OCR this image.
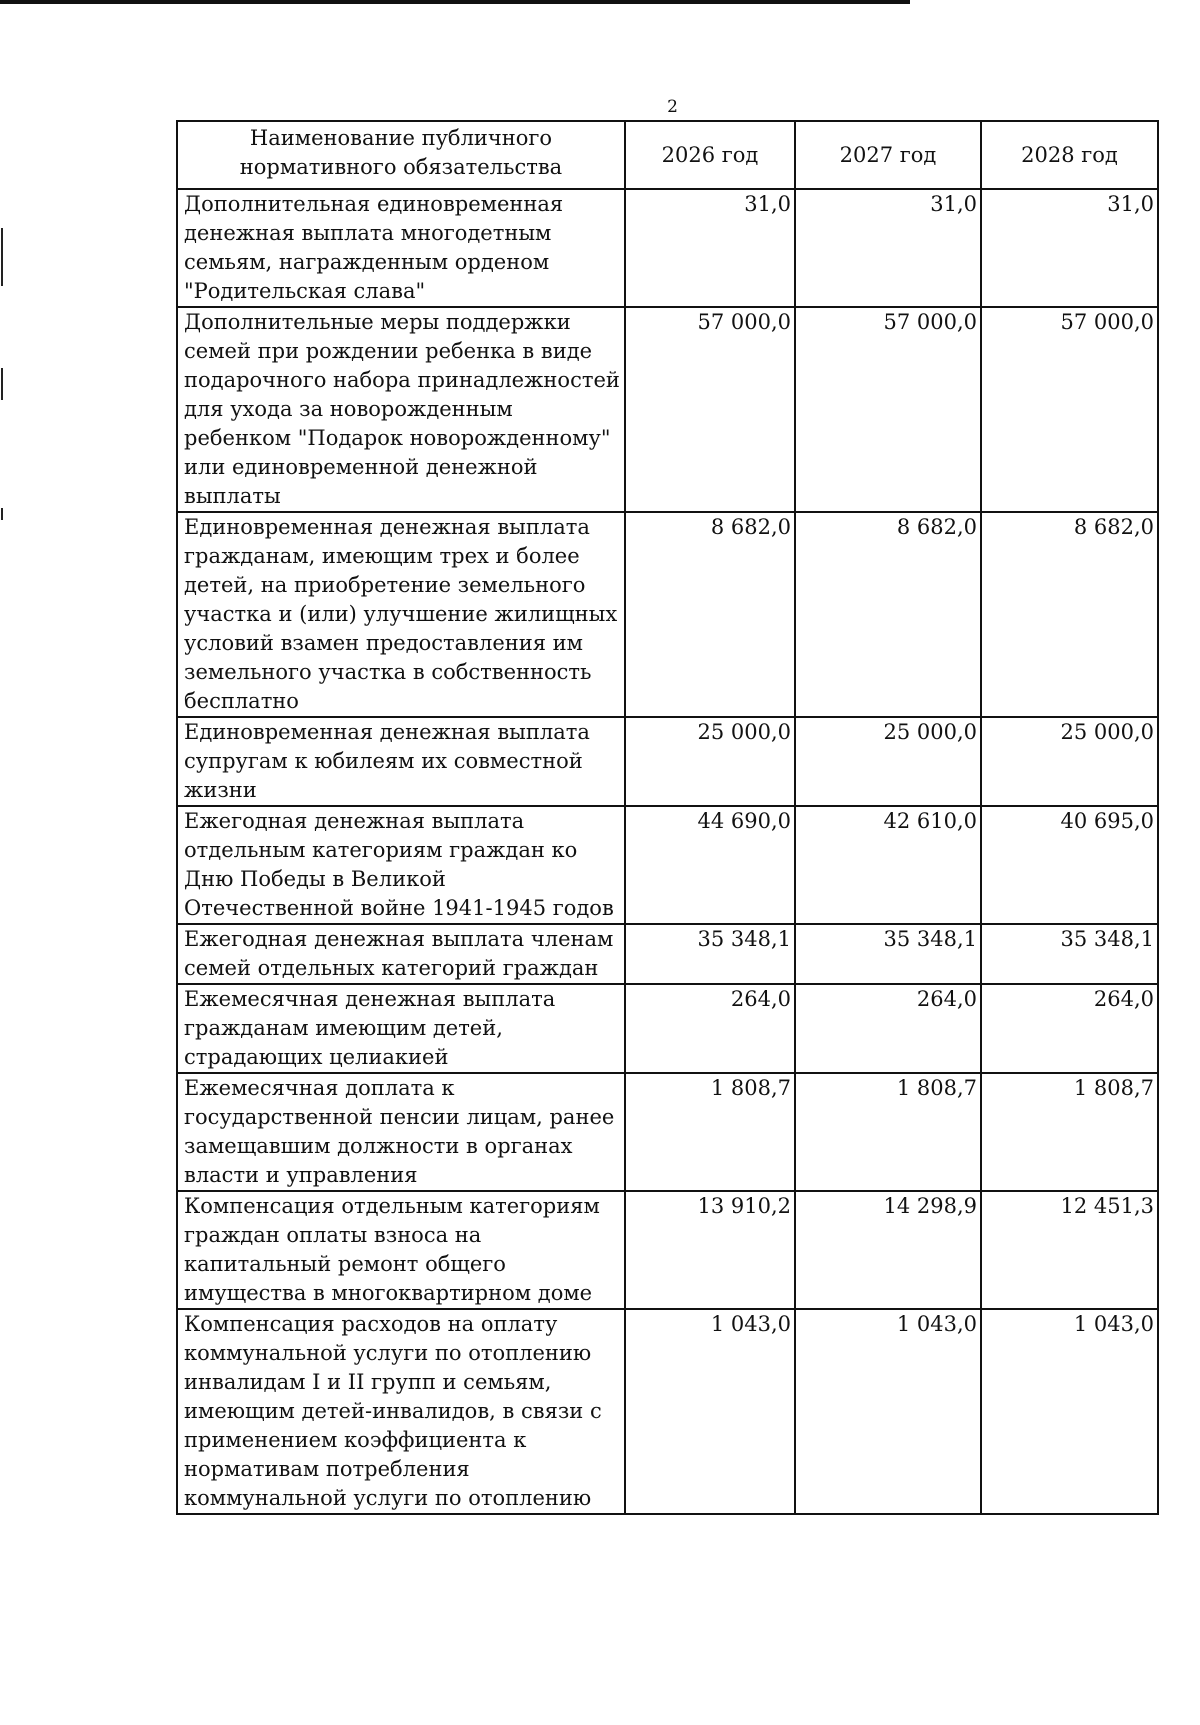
2
Наименование публичного нормативного обязательства	2026 год	2027 год	2028 год
Дополнительная единовременная денежная выплата многодетным семьям, награжденным орденом "Родительская слава"	31,0	31,0	31,0
Дополнительные меры поддержки семей при рождении ребенка в виде подарочного набора принадлежностей для ухода за новорожденным ребенком "Подарок новорожденному" или единовременной денежной выплаты	57 000,0	57 000,0	57 000,0
Единовременная денежная выплата гражданам, имеющим трех и более детей, на приобретение земельного участка и (или) улучшение жилищных условий взамен предоставления им земельного участка в собственность бесплатно	8 682,0	8 682,0	8 682,0
Единовременная денежная выплата супругам к юбилеям их совместной жизни	25 000,0	25 000,0	25 000,0
Ежегодная денежная выплата отдельным категориям граждан ко Дню Победы в Великой Отечественной войне 1941-1945 годов	44 690,0	42 610,0	40 695,0
Ежегодная денежная выплата членам семей отдельных категорий граждан	35 348,1	35 348,1	35 348,1
Ежемесячная денежная выплата гражданам имеющим детей, страдающих целиакией	264,0	264,0	264,0
Ежемесячная доплата к государственной пенсии лицам, ранее замещавшим должности в органах власти и управления	1 808,7	1 808,7	1 808,7
Компенсация отдельным категориям граждан оплаты взноса на капитальный ремонт общего имущества в многоквартирном доме	13 910,2	14 298,9	12 451,3
Компенсация расходов на оплату коммунальной услуги по отоплению инвалидам I и II групп и семьям, имеющим детей-инвалидов, в связи с применением коэффициента к нормативам потребления коммунальной услуги по отоплению	1 043,0	1 043,0	1 043,0
